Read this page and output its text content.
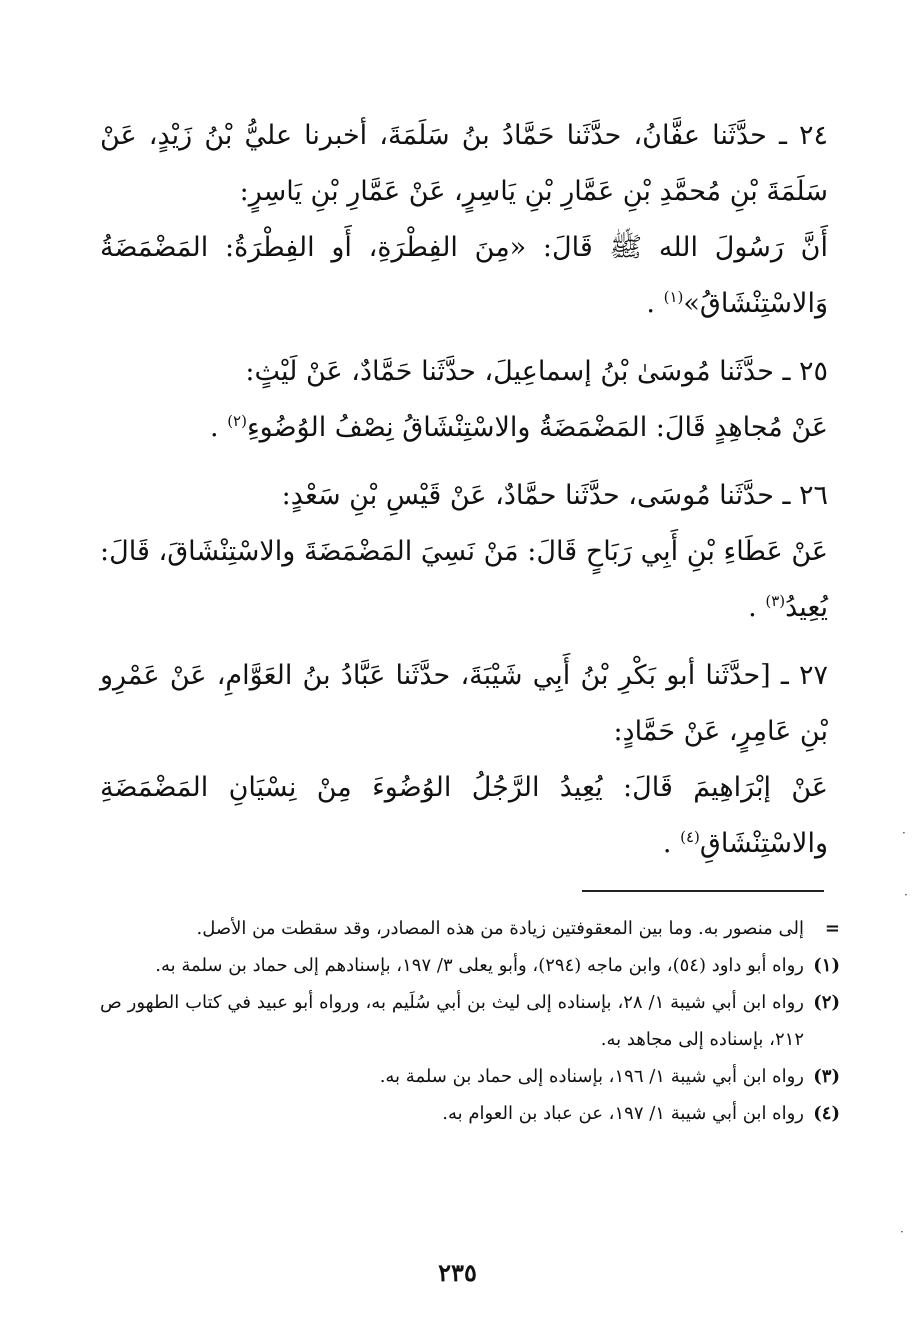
٢٤ ـ حدَّثَنا عفَّانُ، حدَّثَنا حَمَّادُ بنُ سَلَمَةَ، أخبرنا عليُّ بْنُ زَيْدٍ، عَنْ سَلَمَةَ بْنِ مُحمَّدِ بْنِ عَمَّارِ بْنِ يَاسِرٍ، عَنْ عَمَّارِ بْنِ يَاسِرٍ:

أَنَّ رَسُولَ الله ﷺ قَالَ: «مِنَ الفِطْرَةِ، أَو الفِطْرَةُ: المَضْمَضَةُ وَالاسْتِنْشَاقُ»$^{(١)}$ .

٢٥ ـ حدَّثَنا مُوسَىٰ بْنُ إسماعِيلَ، حدَّثَنا حَمَّادٌ، عَنْ لَيْثٍ:

عَنْ مُجاهِدٍ قَالَ: المَضْمَضَةُ والاسْتِنْشَاقُ نِصْفُ الوُضُوءِ$^{(٢)}$ .

٢٦ ـ حدَّثَنا مُوسَى، حدَّثَنا حمَّادٌ، عَنْ قَيْسِ بْنِ سَعْدٍ:

عَنْ عَطَاءِ بْنِ أَبِي رَبَاحٍ قَالَ: مَنْ نَسِيَ المَضْمَضَةَ والاسْتِنْشَاقَ، قَالَ: يُعِيدُ$^{(٣)}$ .

٢٧ ـ [حدَّثَنا أبو بَكْرِ بْنُ أَبِي شَيْبَةَ، حدَّثَنا عَبَّادُ بنُ العَوَّامِ، عَنْ عَمْرِو بْنِ عَامِرٍ، عَنْ حَمَّادٍ:

عَنْ إبْرَاهِيمَ قَالَ: يُعِيدُ الرَّجُلُ الوُضُوءَ مِنْ نِسْيَانِ المَضْمَضَةِ والاسْتِنْشَاقِ$^{(٤)}$ .

=
إلى منصور به. وما بين المعقوفتين زيادة من هذه المصادر، وقد سقطت من الأصل.
(١)
رواه أبو داود (٥٤)، وابن ماجه (٢٩٤)، وأبو يعلى ٣/ ١٩٧، بإسنادهم إلى حماد بن سلمة به.
(٢)
رواه ابن أبي شيبة ١/ ٢٨، بإسناده إلى ليث بن أبي سُلَيم به، ورواه أبو عبيد في كتاب الطهور ص ٢١٢، بإسناده إلى مجاهد به.
(٣)
رواه ابن أبي شيبة ١/ ١٩٦، بإسناده إلى حماد بن سلمة به.
(٤)
رواه ابن أبي شيبة ١/ ١٩٧، عن عباد بن العوام به.
٢٣٥
·
·
·
